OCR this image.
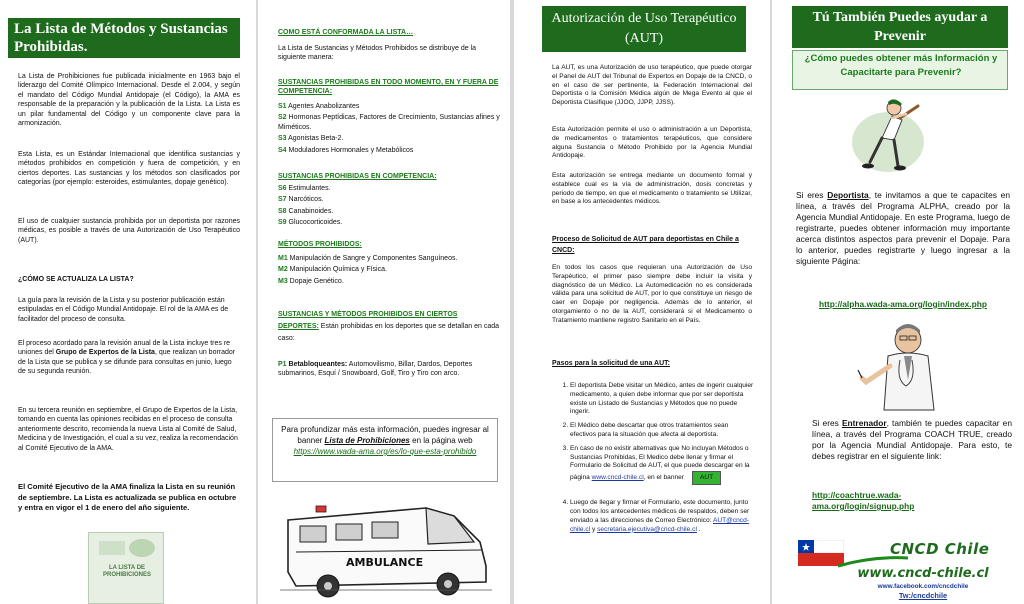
La Lista de Métodos y Sustancias Prohibidas.

La Lista de Prohibiciones fue publicada inicialmente en 1963 bajo el liderazgo del Comité Olímpico Internacional. Desde el 2.004, y según el mandato del Código Mundial Antidopaje (el Código), la AMA es responsable de la preparación y la publicación de la Lista. La Lista es un pilar fundamental del Código y un componente clave para la armonización.

Esta Lista, es un Estándar Internacional que identifica sustancias y métodos prohibidos en competición y fuera de competición, y en ciertos deportes. Las sustancias y los métodos son clasificados por categorías (por ejemplo: esteroides, estimulantes, dopaje genético).

El uso de cualquier sustancia prohibida por un deportista por razones médicas, es posible a través de una Autorización de Uso Terapéutico (AUT).

¿CÓMO SE ACTUALIZA LA LISTA?

La guía para la revisión de la Lista y su posterior publicación están estipuladas en el Código Mundial Antidopaje. El rol de la AMA es de facilitador del proceso de consulta.

El proceso acordado para la revisión anual de la Lista incluye tres re uniones del Grupo de Expertos de la Lista, que realizan un borrador de la Lista que se publica y se difunde para consultas en junio, luego de su segunda reunión.

En su tercera reunión en septiembre, el Grupo de Expertos de la Lista, tomando en cuenta las opiniones recibidas en el proceso de consulta anteriormente descrito, recomienda la nueva Lista al Comité de Salud, Medicina y de Investigación, el cual a su vez, realiza la recomendación al Comité Ejecutivo de la AMA.

El Comité Ejecutivo de la AMA finaliza la Lista en su reunión de septiembre. La Lista es actualizada se publica en octubre y entra en vigor el 1 de enero del año siguiente.

LA LISTA DE PROHIBICIONES

COMO ESTÁ CONFORMADA LA LISTA…

La Lista de Sustancias y Métodos Prohibidos se distribuye de la siguiente manera:

SUSTANCIAS PROHIBIDAS EN TODO MOMENTO, EN Y FUERA DE COMPETENCIA:

S1 Agentes Anabolizantes
S2 Hormonas Peptídicas, Factores de Crecimiento, Sustancias afines y Miméticos.
S3 Agonistas Beta-2.
S4 Moduladores Hormonales y Metabólicos

SUSTANCIAS PROHIBIDAS EN COMPETENCIA:

S6 Estimulantes.
S7 Narcóticos.
S8 Canabinoides.
S9 Glucocorticoides.

MÉTODOS PROHIBIDOS:

M1 Manipulación de Sangre y Componentes Sanguíneos.
M2 Manipulación Química y Física.
M3 Dopaje Genético.

SUSTANCIAS Y MÉTODOS PROHIBIDOS EN CIERTOS DEPORTES: Están prohibidas en los deportes que se detallan en cada caso:

P1 Betabloqueantes: Automovilismo, Billar, Dardos, Deportes submarinos, Esquí / Snowboard, Golf, Tiro y Tiro con arco.

Para profundizar más esta información, puedes ingresar al banner Lista de Prohibiciones en la página web https://www.wada-ama.org/es/lo-que-esta-prohibido
AMBULANCE
Autorización de Uso Terapéutico (AUT)

La AUT, es una Autorización de uso terapéutico, que puede otorgar el Panel de AUT del Tribunal de Expertos en Dopaje de la CNCD, o en el caso de ser pertinente, la Federación Internacional del Deportista o la Comisión Médica algún de Mega Evento al que el Deportista Clasifique (JJOO, JJPP, JJSS).

Esta Autorización permite el uso o administración a un Deportista, de medicamentos o tratamientos terapéuticos, que considere alguna Sustancia o Método Prohibido por la Agencia Mundial Antidopaje.

Esta autorización se entrega mediante un documento formal y establece cual es la vía de administración, dosis concretas y periodo de tiempo, en que el medicamento o tratamiento se Utilizar, en base a los antecedentes médicos.

Proceso de Solicitud de AUT para deportistas en Chile a CNCD:

En todos los casos que requieran una Autorización de Uso Terapéutico, el primer paso siempre debe incluir la visita y diagnóstico de un Médico. La Automedicación no es considerada válida para una solicitud de AUT, por lo que constituye un riesgo de caer en Dopaje por negligencia. Además de lo anterior, el otorgamiento o no de la AUT, considerará si el Medicamento o Tratamiento mantiene registro Sanitario en el País.

Pasos para la solicitud de una AUT:

1. El deportista Debe visitar un Médico, antes de ingerir cualquier medicamento, a quien debe informar que por ser deportista existe un Listado de Sustancias y Métodos que no puede ingerir.
2. El Médico debe descartar que otros tratamientos sean efectivos para la situación que afecta al deportista.
3. En caso de no existir alternativas que No incluyan Métodos o Sustancias Prohibidas, El Medico debe llenar y firmar el Formulario de Solicitud de AUT, el que puede descargar en la página www.cncd-chile.cl, en el banner AUT
4. Luego de llegar y firmar el Formulario, este documento, junto con todos los antecedentes médicos de respaldos, deben ser enviado a las direcciones de Correo Electrónico: AUT@cncd-chile.cl y secretaria.ejecutiva@cncd-chile.cl .
Tú También Puedes ayudar a Prevenir

¿Cómo puedes obtener más Información y Capacitarte para Prevenir?

Si eres Deportista, te invitamos a que te capacites en línea, a través del Programa ALPHA, creado por la Agencia Mundial Antidopaje. En este Programa, luego de registrarte, puedes obtener información muy importante acerca distintos aspectos para prevenir el Dopaje. Para lo anterior, puedes registrarte y luego ingresar a la siguiente Página:

http://alpha.wada-ama.org/login/index.php

Si eres Entrenador, también te puedes capacitar en línea, a través del Programa COACH TRUE, creado por la Agencia Mundial Antidopaje. Para esto, te debes registrar en el siguiente link:

http://coachtrue.wada-ama.org/login/signup.php

CNCD Chile

www.cncd-chile.cl

www.facebook.com/cncdchile

Tw:/cncdchile
